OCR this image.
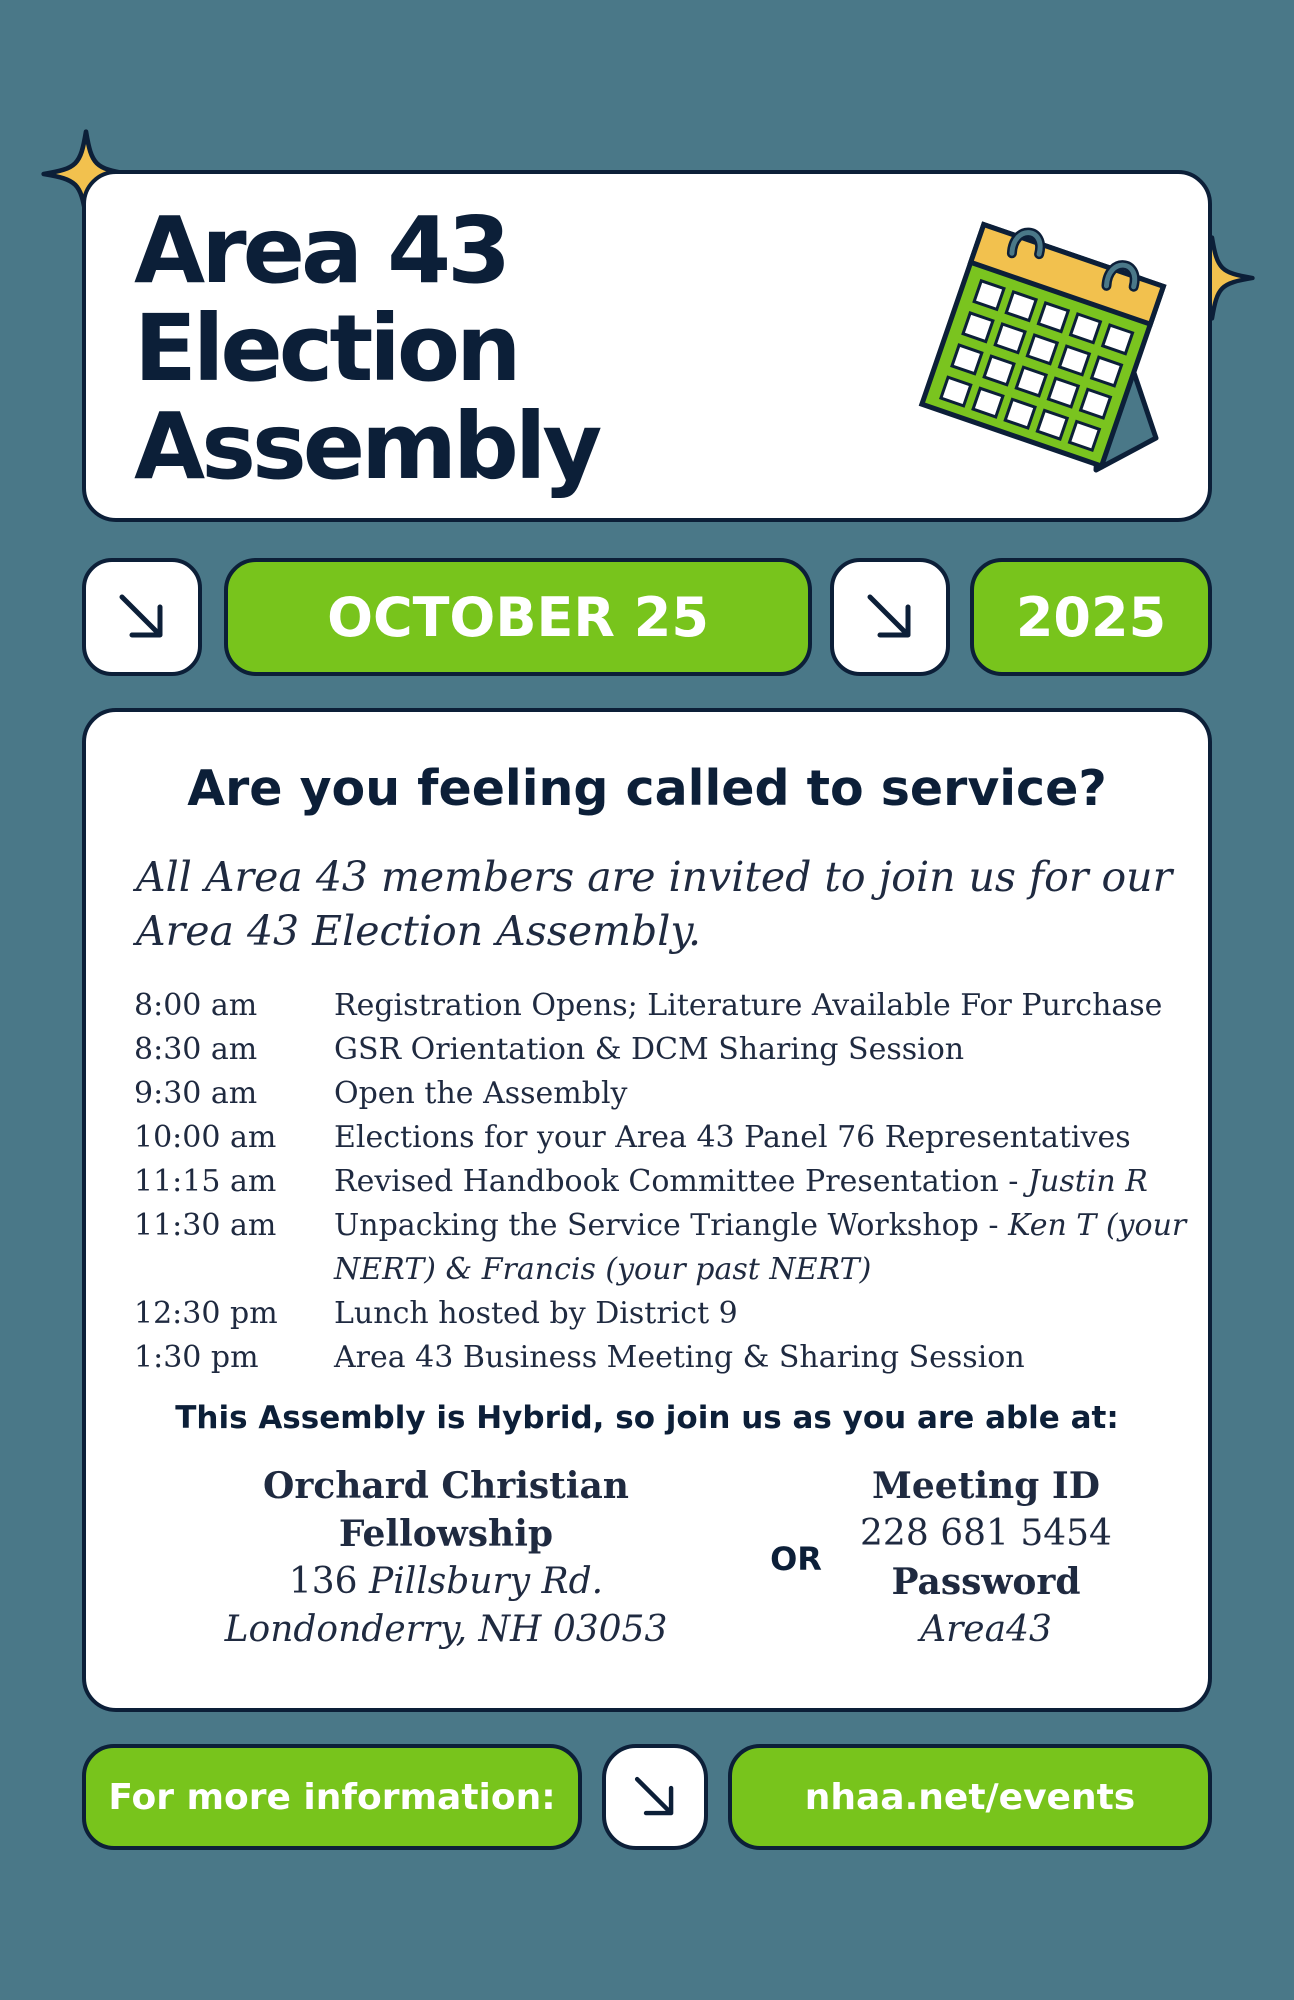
Area 43
Election
Assembly
OCTOBER 25	2025
Are you feeling called to service?

All Area 43 members are invited to join us for our Area 43 Election Assembly.

8:00 am	Registration Opens; Literature Available For Purchase
8:30 am	GSR Orientation & DCM Sharing Session
9:30 am	Open the Assembly
10:00 am	Elections for your Area 43 Panel 76 Representatives
11:15 am	Revised Handbook Committee Presentation - Justin R
11:30 am	Unpacking the Service Triangle Workshop - Ken T (your NERT) & Francis (your past NERT)
12:30 pm	Lunch hosted by District 9
1:30 pm	Area 43 Business Meeting & Sharing Session

This Assembly is Hybrid, so join us as you are able at:

Orchard Christian
Fellowship
136 Pillsbury Rd.
Londonderry, NH 03053
OR
Meeting ID
228 681 5454
Password
Area43
For more information:	nhaa.net/events
